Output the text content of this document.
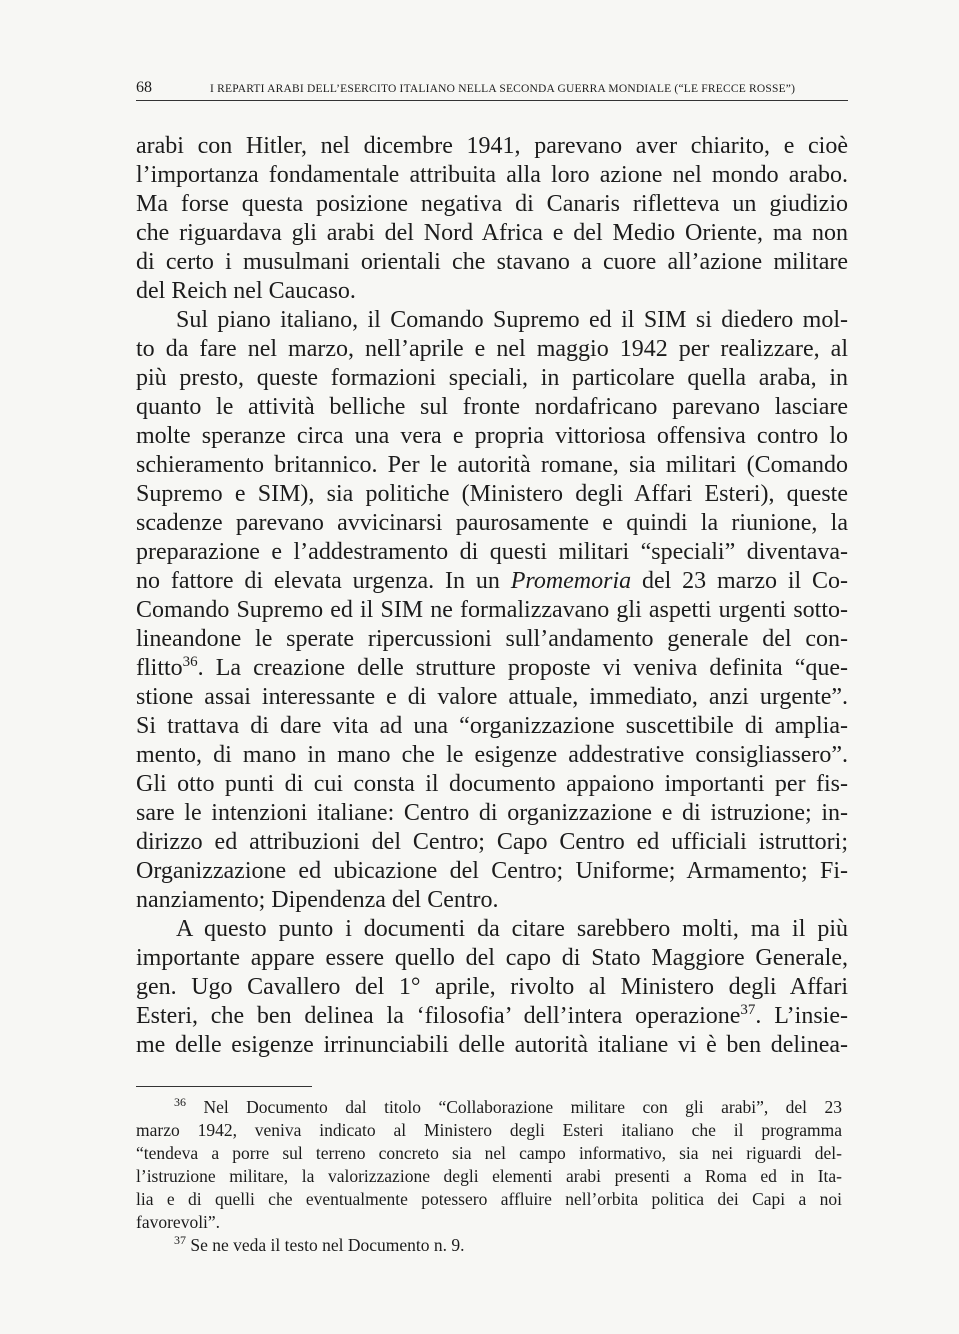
68	I REPARTI ARABI DELL’ESERCITO ITALIANO NELLA SECONDA GUERRA MONDIALE (“LE FRECCE ROSSE”)
arabi con Hitler, nel dicembre 1941, parevano aver chiarito, e cioè
l’importanza fondamentale attribuita alla loro azione nel mondo arabo.
Ma forse questa posizione negativa di Canaris rifletteva un giudizio
che riguardava gli arabi del Nord Africa e del Medio Oriente, ma non
di certo i musulmani orientali che stavano a cuore all’azione militare
del Reich nel Caucaso.
Sul piano italiano, il Comando Supremo ed il SIM si diedero mol-
to da fare nel marzo, nell’aprile e nel maggio 1942 per realizzare, al
più presto, queste formazioni speciali, in particolare quella araba, in
quanto le attività belliche sul fronte nordafricano parevano lasciare
molte speranze circa una vera e propria vittoriosa offensiva contro lo
schieramento britannico. Per le autorità romane, sia militari (Comando
Supremo e SIM), sia politiche (Ministero degli Affari Esteri), queste
scadenze parevano avvicinarsi paurosamente e quindi la riunione, la
preparazione e l’addestramento di questi militari “speciali” diventava-
no fattore di elevata urgenza. In un Promemoria del 23 marzo il Co-
Comando Supremo ed il SIM ne formalizzavano gli aspetti urgenti sotto-
lineandone le sperate ripercussioni sull’andamento generale del con-
flitto$^{36}$. La creazione delle strutture proposte vi veniva definita “que-
stione assai interessante e di valore attuale, immediato, anzi urgente”.
Si trattava di dare vita ad una “organizzazione suscettibile di amplia-
mento, di mano in mano che le esigenze addestrative consigliassero”.
Gli otto punti di cui consta il documento appaiono importanti per fis-
sare le intenzioni italiane: Centro di organizzazione e di istruzione; in-
dirizzo ed attribuzioni del Centro; Capo Centro ed ufficiali istruttori;
Organizzazione ed ubicazione del Centro; Uniforme; Armamento; Fi-
nanziamento; Dipendenza del Centro.
A questo punto i documenti da citare sarebbero molti, ma il più
importante appare essere quello del capo di Stato Maggiore Generale,
gen. Ugo Cavallero del 1° aprile, rivolto al Ministero degli Affari
Esteri, che ben delinea la ‘filosofia’ dell’intera operazione$^{37}$. L’insie-
me delle esigenze irrinunciabili delle autorità italiane vi è ben delinea-
$^{36}$ Nel Documento dal titolo “Collaborazione militare con gli arabi”, del 23
marzo 1942, veniva indicato al Ministero degli Esteri italiano che il programma
“tendeva a porre sul terreno concreto sia nel campo informativo, sia nei riguardi del-
l’istruzione militare, la valorizzazione degli elementi arabi presenti a Roma ed in Ita-
lia e di quelli che eventualmente potessero affluire nell’orbita politica dei Capi a noi
favorevoli”.
$^{37}$ Se ne veda il testo nel Documento n. 9.
